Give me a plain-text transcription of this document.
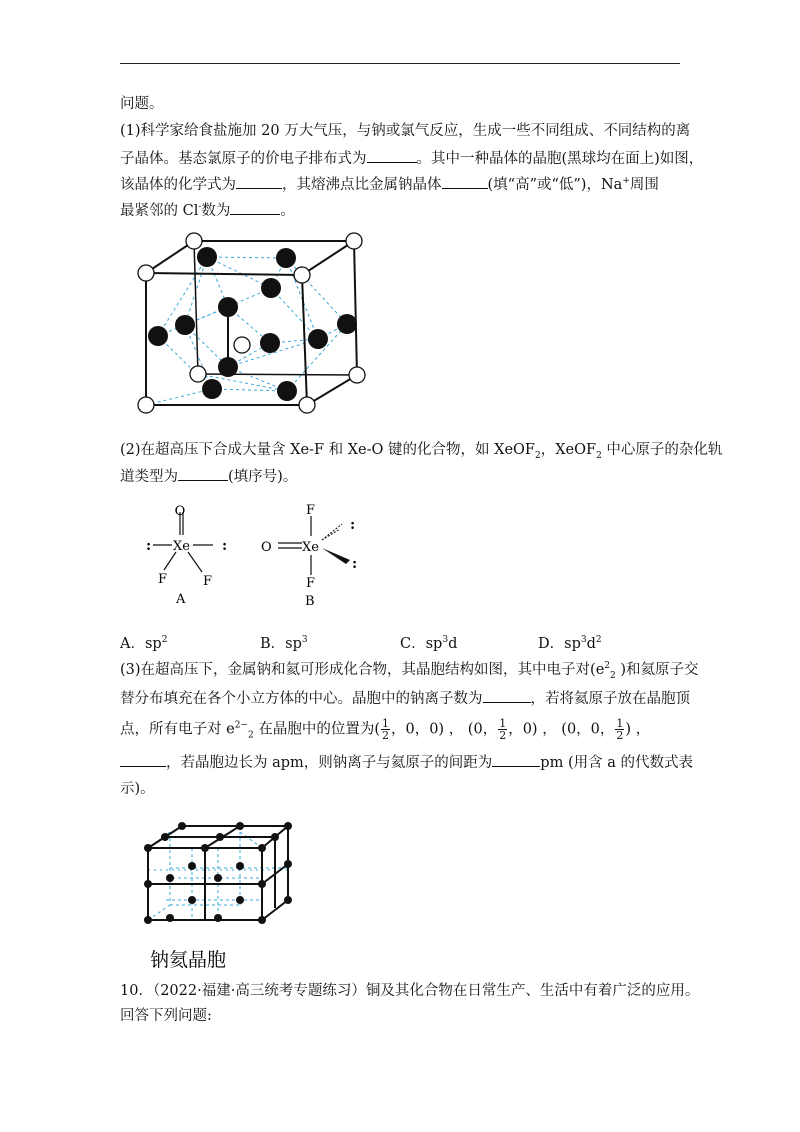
问题。
(1)科学家给食盐施加 20 万大气压，与钠或氯气反应，生成一些不同组成、不同结构的离
子晶体。基态氯原子的价电子排布式为	。其中一种晶体的晶胞(黑球均在面上)如图，
该晶体的化学式为	，其熔沸点比金属钠晶体	(填“高”或“低”)，Na+周围
最紧邻的 Cl-数为	。
(2)在超高压下合成大量含 Xe-F 和 Xe-O 键的化合物，如 XeOF$_2$，XeOF$_2$ 中心原子的杂化轨
道类型为	(填序号)。
O
: Xe :
F	F
A
O
F
Xe
:
:
F
B
A．$sp^2$	B．$sp^3$	C．$sp^3d$	D．$sp^3d^2$
(3)在超高压下，金属钠和氦可形成化合物，其晶胞结构如图，其中电子对($e^2_2$ )和氦原子交
替分布填充在各个小立方体的中心。晶胞中的钠离子数为	，若将氦原子放在晶胞顶
点，所有电子对 $e^{2-}_2$ 在晶胞中的位置为( $\frac{1}{2}$ ，0，0) ， (0， $\frac{1}{2}$ ，0) ， (0，0， $\frac{1}{2}$ ) ，
，若晶胞边长为 apm，则钠离子与氦原子的间距为	pm (用含 a 的代数式表
示)。
钠氦晶胞
10．（2022·福建·高三统考专题练习）铜及其化合物在日常生产、生活中有着广泛的应用。
回答下列问题:
